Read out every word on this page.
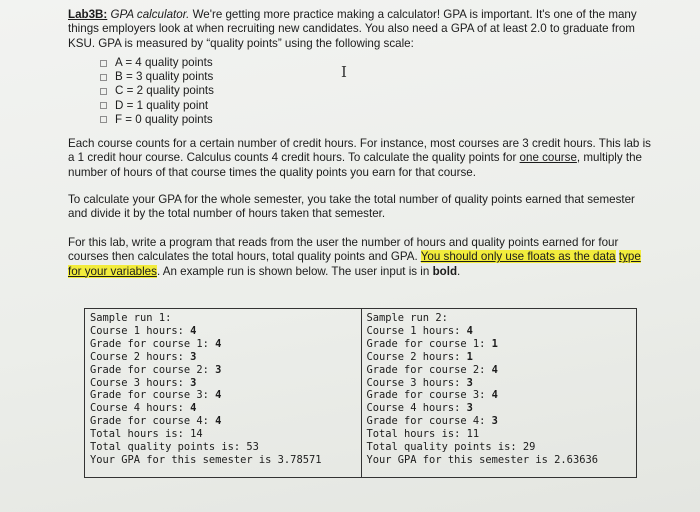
Lab3B: GPA calculator. We're getting more practice making a calculator! GPA is important. It's one of the many things employers look at when recruiting new candidates. You also need a GPA of at least 2.0 to graduate from KSU. GPA is measured by “quality points” using the following scale:

A = 4 quality points
B = 3 quality points
C = 2 quality points
D = 1 quality point
F = 0 quality points
I

Each course counts for a certain number of credit hours. For instance, most courses are 3 credit hours. This lab is a 1 credit hour course. Calculus counts 4 credit hours. To calculate the quality points for one course, multiply the number of hours of that course times the quality points you earn for that course.

To calculate your GPA for the whole semester, you take the total number of quality points earned that semester and divide it by the total number of hours taken that semester.

For this lab, write a program that reads from the user the number of hours and quality points earned for four courses then calculates the total hours, total quality points and GPA. You should only use floats as the data type for your variables. An example run is shown below. The user input is in bold.

Sample run 1:
Course 1 hours: 4
Grade for course 1: 4
Course 2 hours: 3
Grade for course 2: 3
Course 3 hours: 3
Grade for course 3: 4
Course 4 hours: 4
Grade for course 4: 4
Total hours is: 14
Total quality points is: 53
Your GPA for this semester is 3.78571
Sample run 2:
Course 1 hours: 4
Grade for course 1: 1
Course 2 hours: 1
Grade for course 2: 4
Course 3 hours: 3
Grade for course 3: 4
Course 4 hours: 3
Grade for course 4: 3
Total hours is: 11
Total quality points is: 29
Your GPA for this semester is 2.63636
